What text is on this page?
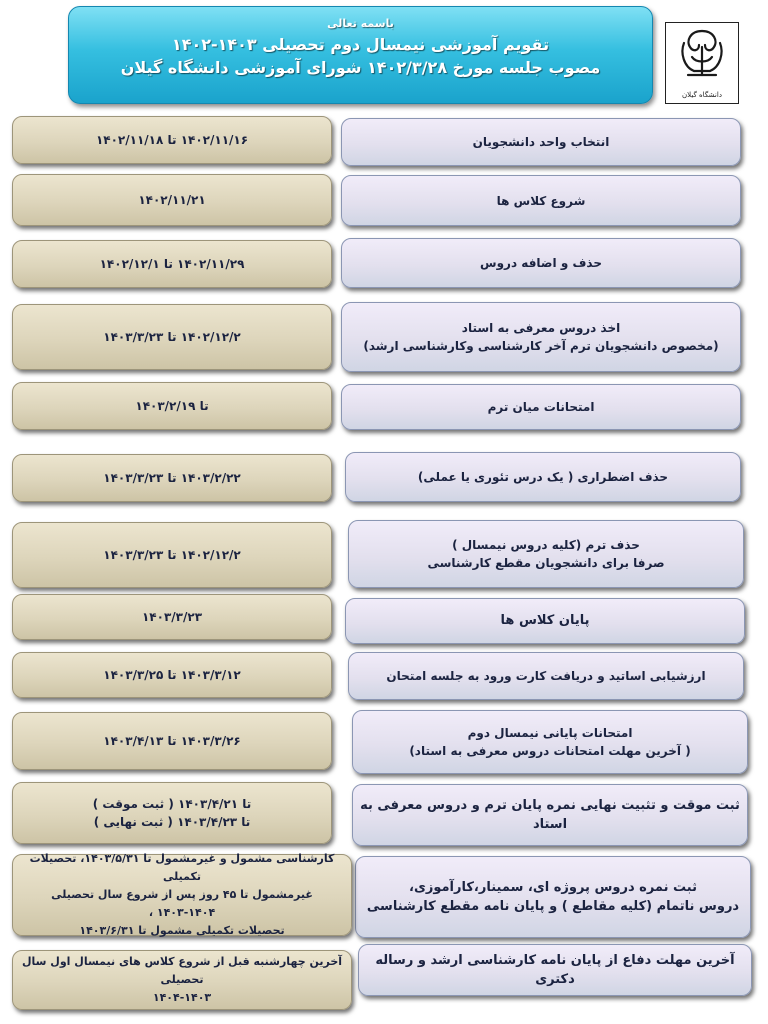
باسمه تعالی
تقویم آموزشی نیمسال دوم تحصیلی ۱۴۰۳-۱۴۰۲
مصوب جلسه مورخ ۱۴۰۲/۳/۲۸ شورای آموزشی دانشگاه گیلان
دانشگاه گیلان
انتخاب واحد دانشجویان
۱۴۰۲/۱۱/۱۶ تا ۱۴۰۲/۱۱/۱۸
شروع کلاس ها
۱۴۰۲/۱۱/۲۱
حذف و اضافه دروس
۱۴۰۲/۱۱/۲۹ تا ۱۴۰۲/۱۲/۱
اخذ دروس معرفی به استاد
(مخصوص دانشجویان ترم آخر کارشناسی وکارشناسی ارشد)
۱۴۰۲/۱۲/۲ تا ۱۴۰۳/۳/۲۳
امتحانات میان ترم
تا ۱۴۰۳/۲/۱۹
حذف اضطراری ( یک درس تئوری یا عملی)
۱۴۰۳/۲/۲۲ تا ۱۴۰۳/۳/۲۳
حذف ترم (کلیه دروس نیمسال )
صرفا برای دانشجویان مقطع کارشناسی
۱۴۰۲/۱۲/۲ تا ۱۴۰۳/۳/۲۳
پایان کلاس ها
۱۴۰۳/۳/۲۳
ارزشیابی اساتید و دریافت کارت ورود به جلسه امتحان
۱۴۰۳/۳/۱۲ تا ۱۴۰۳/۳/۲۵
امتحانات پایانی نیمسال دوم
( آخرین مهلت امتحانات دروس معرفی به استاد)
۱۴۰۳/۳/۲۶ تا ۱۴۰۳/۴/۱۳
ثبت موقت و تثبیت نهایی نمره پایان ترم و دروس معرفی به استاد
تا ۱۴۰۳/۴/۲۱ ( ثبت موقت )
تا ۱۴۰۳/۴/۲۳ ( ثبت نهایی )
ثبت نمره دروس پروژه ای، سمینار،کارآموزی،
دروس ناتمام (کلیه مقاطع ) و پایان نامه مقطع کارشناسی
کارشناسی مشمول و غیرمشمول تا ۱۴۰۳/۵/۳۱، تحصیلات تکمیلی
غیرمشمول تا ۴۵ روز پس از شروع سال تحصیلی ۱۴۰۴-۱۴۰۳ ،
تحصیلات تکمیلی مشمول تا ۱۴۰۳/۶/۳۱
آخرین مهلت دفاع از پایان نامه کارشناسی ارشد و رساله دکتری
آخرین چهارشنبه قبل از شروع کلاس های نیمسال اول سال تحصیلی
۱۴۰۴-۱۴۰۳
